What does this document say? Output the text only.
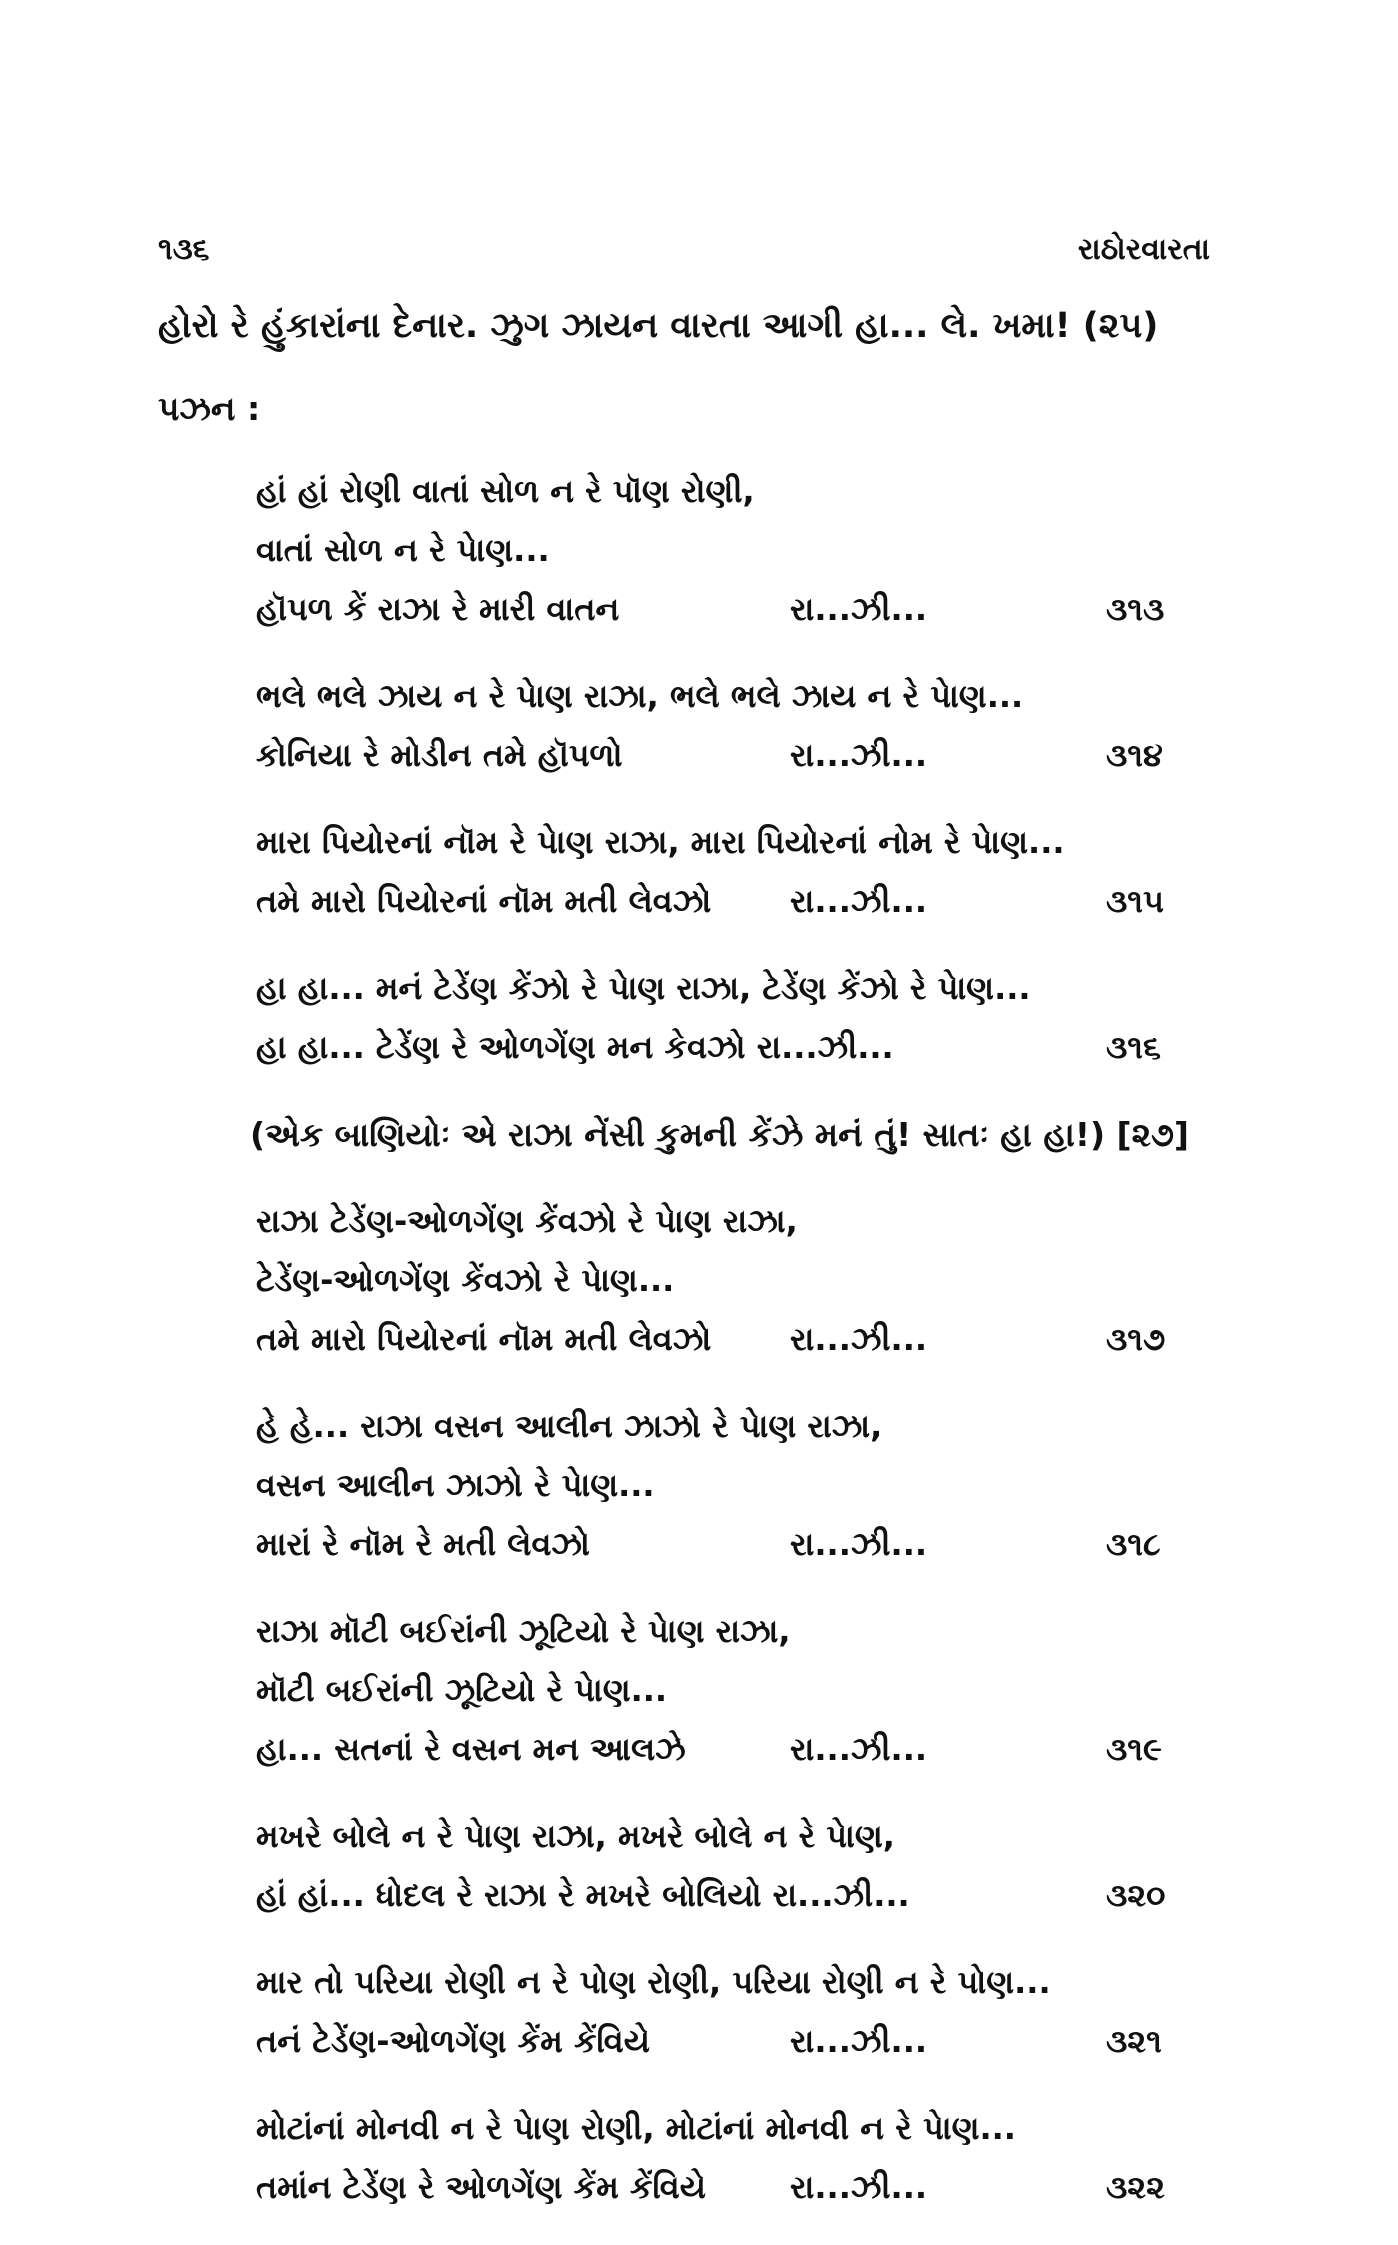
૧૩૬	રાઠોરવારતા
હોરો રે હુંકારાંના દેનાર. ઝુગ ઝાયન વારતા આગી હા... લે. ખમા! (૨૫)
પઝન :
હાં હાં રોણી વાતાં સોળ ન રે પૉણ રોણી,
વાતાં સોળ ન રે પેાણ...
હૉપળ કેં રાઝા રે મારી વાતન	રા...ઝી...	૩૧૩
ભલે ભલે ઝાય ન રે પેાણ રાઝા, ભલે ભલે ઝાય ન રે પેાણ...
કોનિયા રે મોડીન તમે હૉપળો	રા...ઝી...	૩૧૪
મારા પિયોરનાં નૉમ રે પેાણ રાઝા, મારા પિયોરનાં નોમ રે પેાણ...
તમે મારો પિયોરનાં નૉમ મતી લેવઝો રા...ઝી...	૩૧૫
હા હા... મનં ટેડેંણ કેંઝો રે પેાણ રાઝા, ટેડેંણ કેંઝો રે પેાણ...
હા હા... ટેડેંણ રે ઓળગેંણ મન કેવઝો રા...ઝી...	૩૧૬
(એક બાણિયોઃ એ રાઝા નેંસી કુમની કેંઝે મનં તું! સાતઃ હા હા!) [૨૭]
રાઝા ટેડેંણ-ઓળગેંણ કેંવઝો રે પેાણ રાઝા,
ટેડેંણ-ઓળગેંણ કેંવઝો રે પેાણ...
તમે મારો પિયોરનાં નૉમ મતી લેવઝો રા...ઝી...	૩૧૭
હે હે... રાઝા વસન આલીન ઝાઝો રે પેાણ રાઝા,
વસન આલીન ઝાઝો રે પેાણ...
મારાં રે નૉમ રે મતી લેવઝો	રા...ઝી...	૩૧૮
રાઝા મૉટી બઈરાંની ઝૂટિયો રે પેાણ રાઝા,
મૉટી બઈરાંની ઝૂટિયો રે પેાણ...
હા... સતનાં રે વસન મન આલઝે	રા...ઝી...	૩૧૯
મખરે બોલે ન રે પેાણ રાઝા, મખરે બોલે ન રે પેાણ,
હાં હાં... ધોદલ રે રાઝા રે મખરે બોલિયો રા...ઝી...	૩૨૦
માર તો પરિયા રોણી ન રે પોણ રોણી, પરિયા રોણી ન રે પોણ...
તનં ટેડેંણ-ઓળગેંણ કેંમ કેંવિયે	રા...ઝી...	૩૨૧
મોટાંનાં મોનવી ન રે પેાણ રોણી, મોટાંનાં મોનવી ન રે પેાણ...
તમાંન ટેડેંણ રે ઓળગેંણ કેંમ કેંવિયે	રા...ઝી...	૩૨૨
